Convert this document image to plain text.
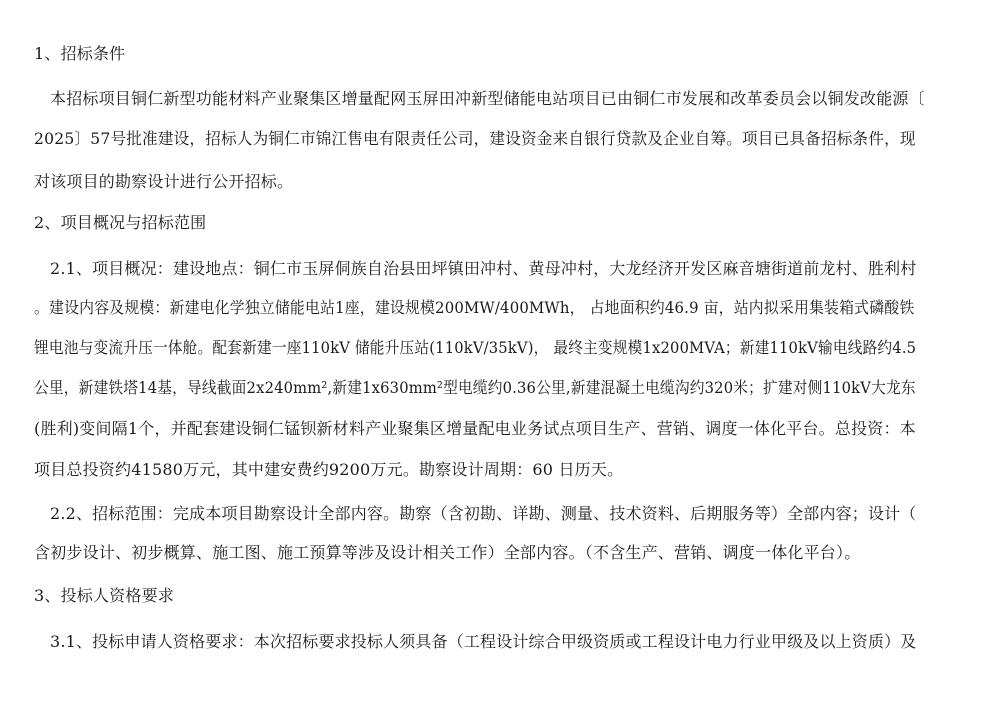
1、招标条件
本招标项目铜仁新型功能材料产业聚集区增量配网玉屏田冲新型储能电站项目已由铜仁市发展和改革委员会以铜发改能源〔
2025〕57号批准建设，招标人为铜仁市锦江售电有限责任公司，建设资金来自银行贷款及企业自筹。项目已具备招标条件，现
对该项目的勘察设计进行公开招标。
2、项目概况与招标范围
2.1、项目概况：建设地点：铜仁市玉屏侗族自治县田坪镇田冲村、黄母冲村，大龙经济开发区麻音塘街道前龙村、胜利村
。建设内容及规模：新建电化学独立储能电站1座，建设规模200MW/400MWh， 占地面积约46.9 亩，站内拟采用集装箱式磷酸铁
锂电池与变流升压一体舱。配套新建一座110kV 储能升压站(110kV/35kV)， 最终主变规模1x200MVA；新建110kV输电线路约4.5
公里，新建铁塔14基，导线截面2x240mm²,新建1x630mm²型电缆约0.36公里,新建混凝土电缆沟约320米；扩建对侧110kV大龙东
(胜利)变间隔1个，并配套建设铜仁锰钡新材料产业聚集区增量配电业务试点项目生产、营销、调度一体化平台。总投资：本
项目总投资约41580万元，其中建安费约9200万元。勘察设计周期：60 日历天。
2.2、招标范围：完成本项目勘察设计全部内容。勘察（含初勘、详勘、测量、技术资料、后期服务等）全部内容；设计（
含初步设计、初步概算、施工图、施工预算等涉及设计相关工作）全部内容。（不含生产、营销、调度一体化平台）。
3、投标人资格要求
3.1、投标申请人资格要求：本次招标要求投标人须具备（工程设计综合甲级资质或工程设计电力行业甲级及以上资质）及
